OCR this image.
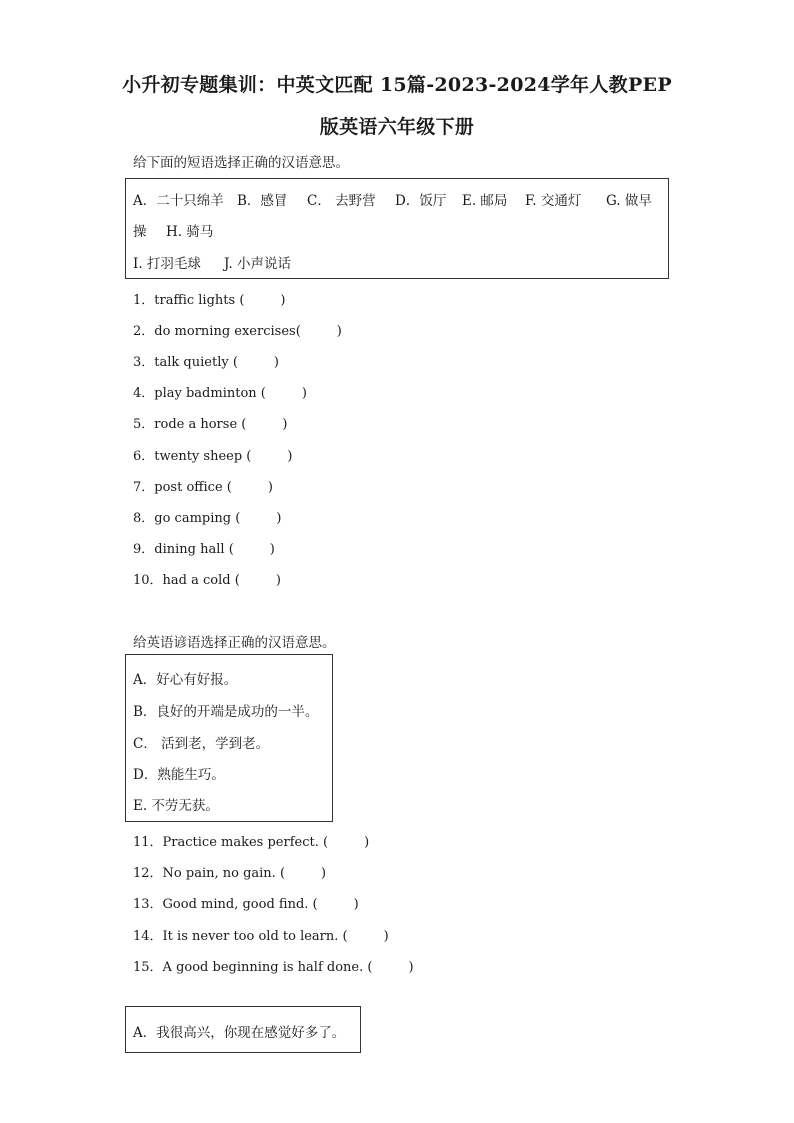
小升初专题集训：中英文匹配 15篇-2023-2024学年人教PEP
版英语六年级下册
给下面的短语选择正确的汉语意思。
A．二十只绵羊 B．感冒 C． 去野营 D．饭厅 E. 邮局 F. 交通灯 G. 做早
操 H. 骑马
I. 打羽毛球 J. 小声说话
1．traffic lights (	)
2．do morning exercises(	)
3．talk quietly (	)
4．play badminton (	)
5．rode a horse (	)
6．twenty sheep (	)
7．post office (	)
8．go camping (	)
9．dining hall (	)
10．had a cold (	)
给英语谚语选择正确的汉语意思。
A．好心有好报。
B．良好的开端是成功的一半。
C． 活到老，学到老。
D．熟能生巧。
E. 不劳无获。
11．Practice makes perfect. (	)
12．No pain, no gain. (	)
13．Good mind, good find. (	)
14．It is never too old to learn. (	)
15．A good beginning is half done. (	)
A．我很高兴，你现在感觉好多了。
